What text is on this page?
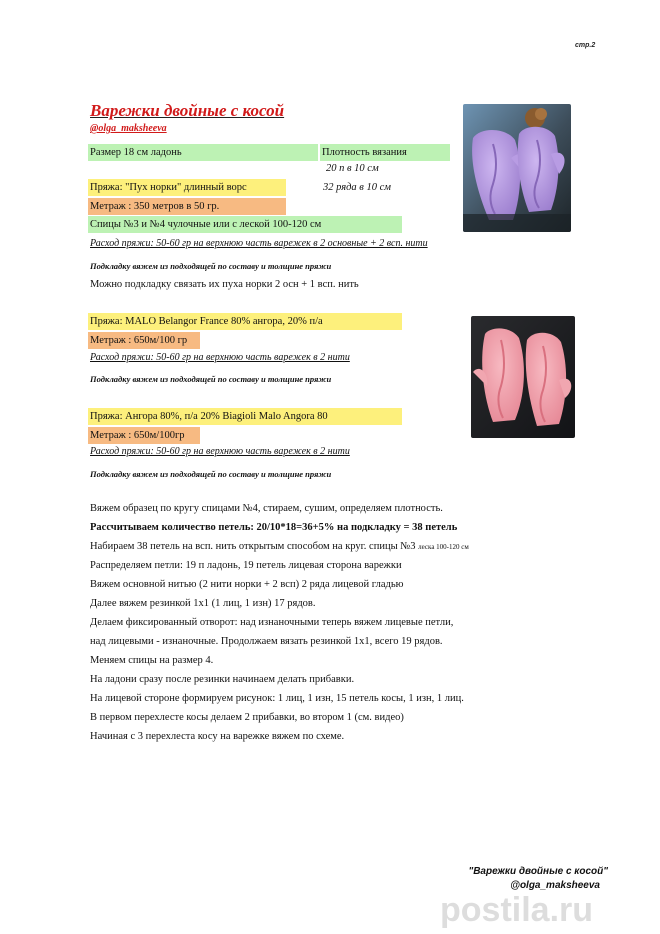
стр.2
Варежки двойные с косой
@olga_maksheeva
Размер 18 см ладонь	Плотность вязания
20 п в 10 см
32 ряда в 10 см
Пряжа: "Пух норки" длинный ворс
Метраж : 350 метров в 50 гр.
Спицы №3 и №4 чулочные или с леской 100-120 см
Расход пряжи: 50-60 гр на верхнюю часть варежек в 2 основные + 2 всп. нити
Подкладку вяжем из подходящей по составу и толщине пряжи
Можно подкладку связать их пуха норки 2 осн + 1 всп. нить
Пряжа: MALO Belangor France 80% ангора, 20% п/а
Метраж : 650м/100 гр
Расход пряжи: 50-60 гр на верхнюю часть варежек в 2 нити
Подкладку вяжем из подходящей по составу и толщине пряжи
Пряжа: Ангора 80%, п/а 20% Biagioli Malo Angora 80
Метраж : 650м/100гр
Расход пряжи: 50-60 гр на верхнюю часть варежек в 2 нити
Подкладку вяжем из подходящей по составу и толщине пряжи
Вяжем образец по кругу спицами №4, стираем, сушим, определяем плотность.
Рассчитываем количество петель: 20/10*18=36+5% на подкладку = 38 петель
Набираем 38 петель на всп. нить открытым способом на круг. спицы №3 леска 100-120 см
Распределяем петли: 19 п ладонь, 19 петель лицевая сторона варежки
Вяжем основной нитью (2 нити норки + 2 всп) 2 ряда лицевой гладью
Далее вяжем резинкой 1х1 (1 лиц, 1 изн) 17 рядов.
Делаем фиксированный отворот: над изнаночными теперь вяжем лицевые петли,
над лицевыми - изнаночные. Продолжаем вязать резинкой 1х1, всего 19 рядов.
Меняем спицы на размер 4.
На ладони сразу после резинки начинаем делать прибавки.
На лицевой стороне формируем рисунок: 1 лиц, 1 изн, 15 петель косы, 1 изн, 1 лиц.
В первом перехлесте косы делаем 2 прибавки, во втором 1 (см. видео)
Начиная с 3 перехлеста косу на варежке вяжем по схеме.
"Варежки двойные с косой"
@olga_maksheeva
postila.ru
